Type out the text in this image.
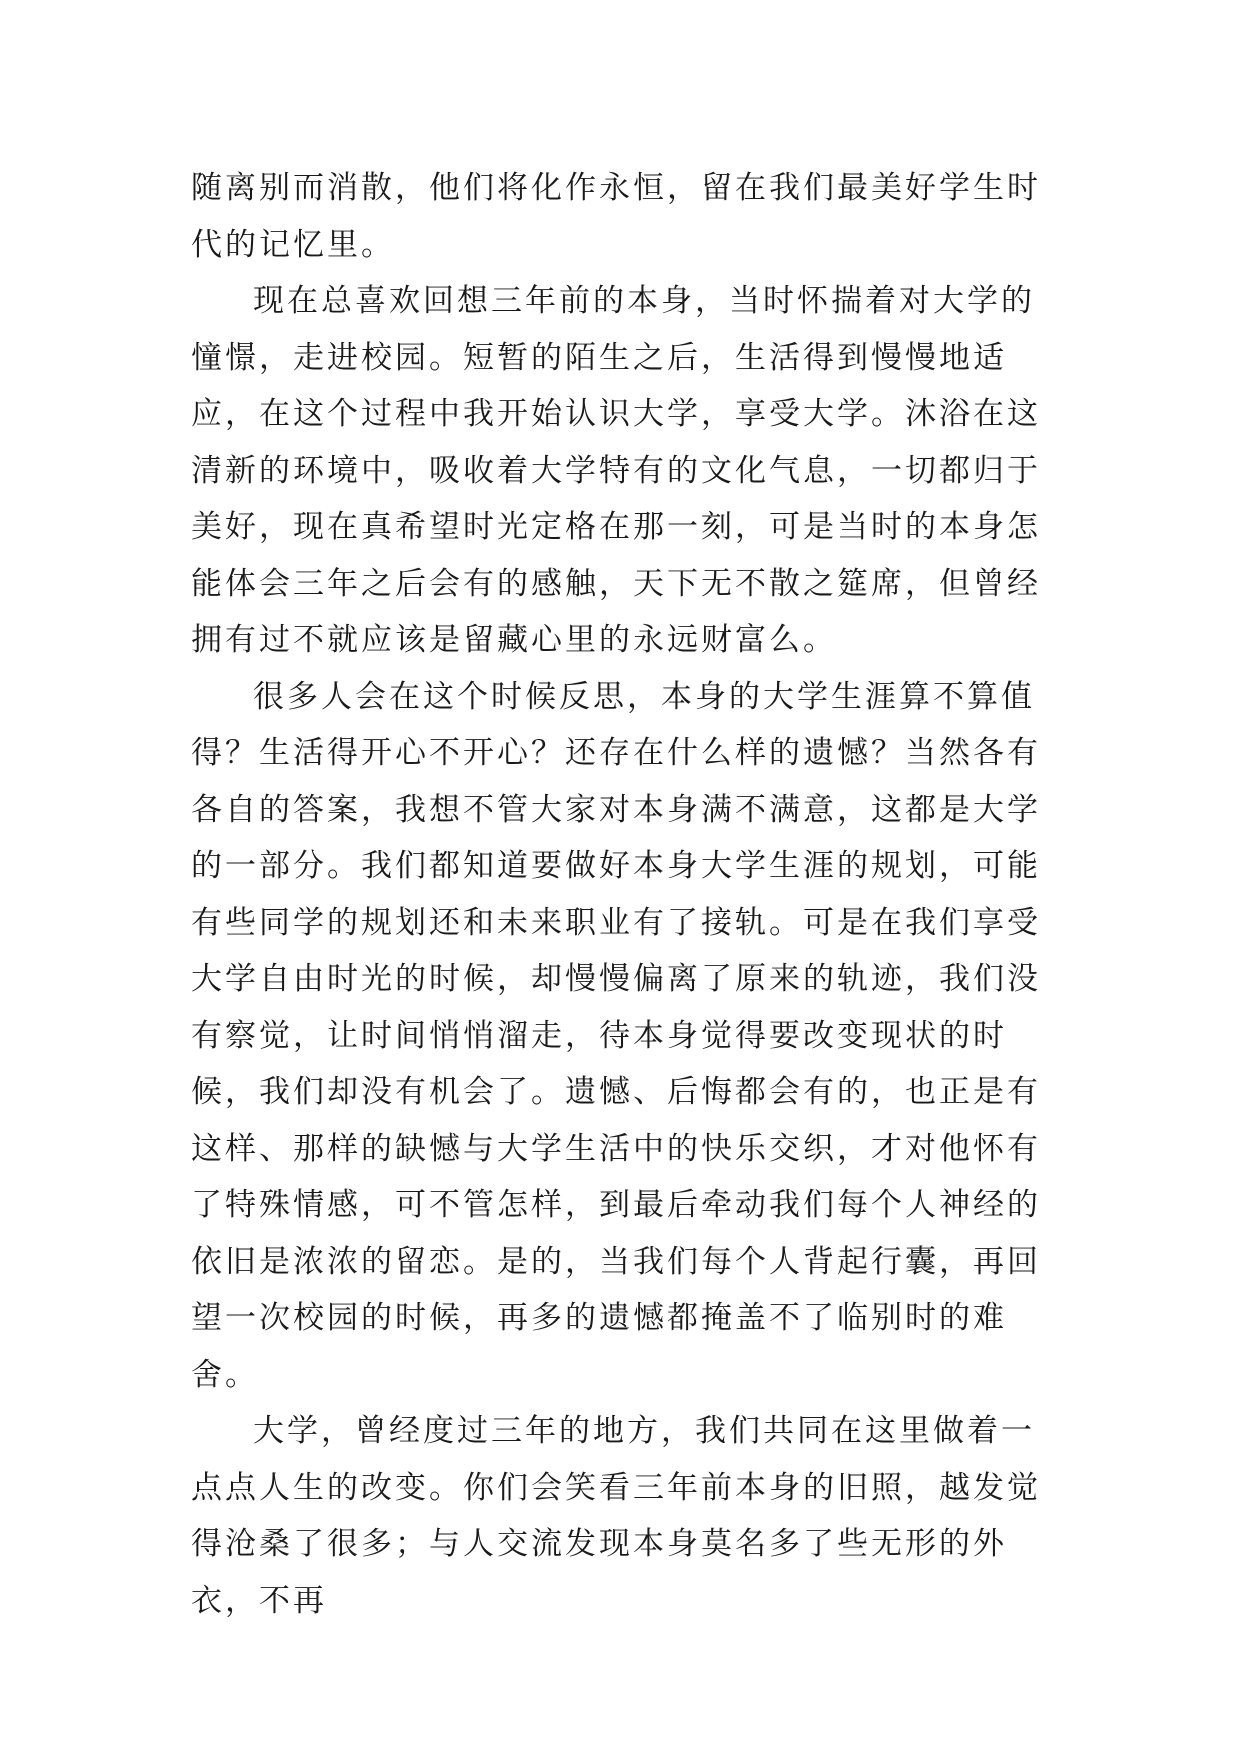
随离别而消散，他们将化作永恒，留在我们最美好学生时代的记忆里。

现在总喜欢回想三年前的本身，当时怀揣着对大学的憧憬，走进校园。短暂的陌生之后，生活得到慢慢地适应，在这个过程中我开始认识大学，享受大学。沐浴在这清新的环境中，吸收着大学特有的文化气息，一切都归于美好，现在真希望时光定格在那一刻，可是当时的本身怎能体会三年之后会有的感触，天下无不散之筵席，但曾经拥有过不就应该是留藏心里的永远财富么。

很多人会在这个时候反思，本身的大学生涯算不算值得？生活得开心不开心？还存在什么样的遗憾？当然各有各自的答案，我想不管大家对本身满不满意，这都是大学的一部分。我们都知道要做好本身大学生涯的规划，可能有些同学的规划还和未来职业有了接轨。可是在我们享受大学自由时光的时候，却慢慢偏离了原来的轨迹，我们没有察觉，让时间悄悄溜走，待本身觉得要改变现状的时候，我们却没有机会了。遗憾、后悔都会有的，也正是有这样、那样的缺憾与大学生活中的快乐交织，才对他怀有了特殊情感，可不管怎样，到最后牵动我们每个人神经的依旧是浓浓的留恋。是的，当我们每个人背起行囊，再回望一次校园的时候，再多的遗憾都掩盖不了临别时的难舍。

大学，曾经度过三年的地方，我们共同在这里做着一点点人生的改变。你们会笑看三年前本身的旧照，越发觉得沧桑了很多；与人交流发现本身莫名多了些无形的外衣，不再
